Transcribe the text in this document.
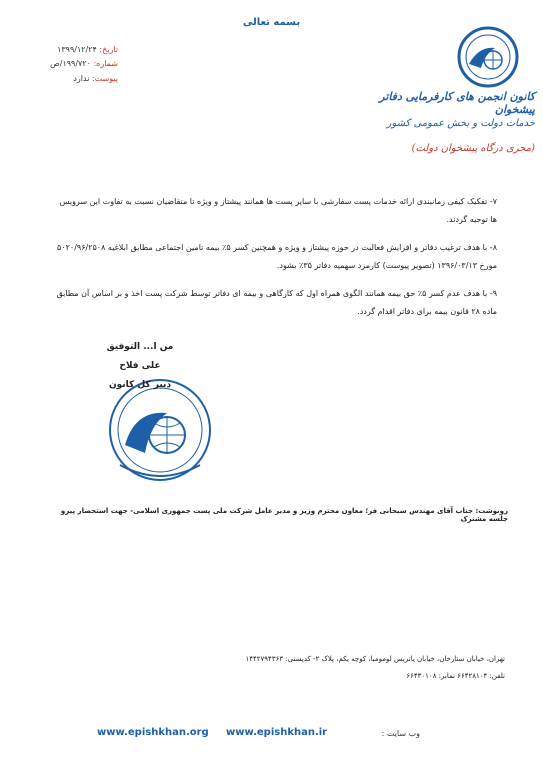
بسمه تعالی
تاریخ: ۱۳۹۹/۱۲/۲۴
شماره: ۱۹۹/۷۲۰/ص
پیوست: ندارد
کانون انجمن های کارفرمایی دفاتر پیشخوان
خدمات دولت و بخش عمومی کشور
(مجری درگاه پیشخوان دولت)
۷- تفکیک کیفی زمانبندی ارائه خدمات پست سفارشی با سایر پست ها همانند پیشتاز و ویژه تا متقاضیان نسبت به تفاوت این سرویس ها توجیه گردند.
۸- با هدف ترغیب دفاتر و افزایش فعالیت در حوزه پیشتاز و ویژه و همچنین کسر ۵٪ بیمه تامین اجتماعی مطابق ابلاغیه ۵۰۲۰/۹۶/۲۵۰۸ مورخ ۱۳۹۶/۰۳/۱۳ (تصویر پیوست) کارمزد سهمیه دفاتر ۳۵٪ بشود.
۹- با هدف عدم کسر ۵٪ حق بیمه همانند الگوی همراه اول که کارگاهی و بیمه ای دفاتر توسط شرکت پست اخذ و بر اساس آن مطابق ماده ۲۸ قانون بیمه برای دفاتر اقدام گردد.
من ا... التوفیق
علی فلاح
دبیر کل کانون
رونوشت: جناب آقای مهندس سبحانی فر؛ معاون محترم وزیر و مدیر عامل شرکت ملی پست جمهوری اسلامی- جهت استحضار پیرو جلسه مشترک
تهران، خیابان ستارخان، خیابان پاتریس لومومبا، کوچه یکم، پلاک ۲- کدپستی: ۱۴۴۲۷۹۴۳۶۳
تلفن: ۶۶۴۲۸۱۰۴ نمابر: ۶۶۴۳۰۱۰۸
وب سایت :
www.epishkhan.ir
www.epishkhan.org
